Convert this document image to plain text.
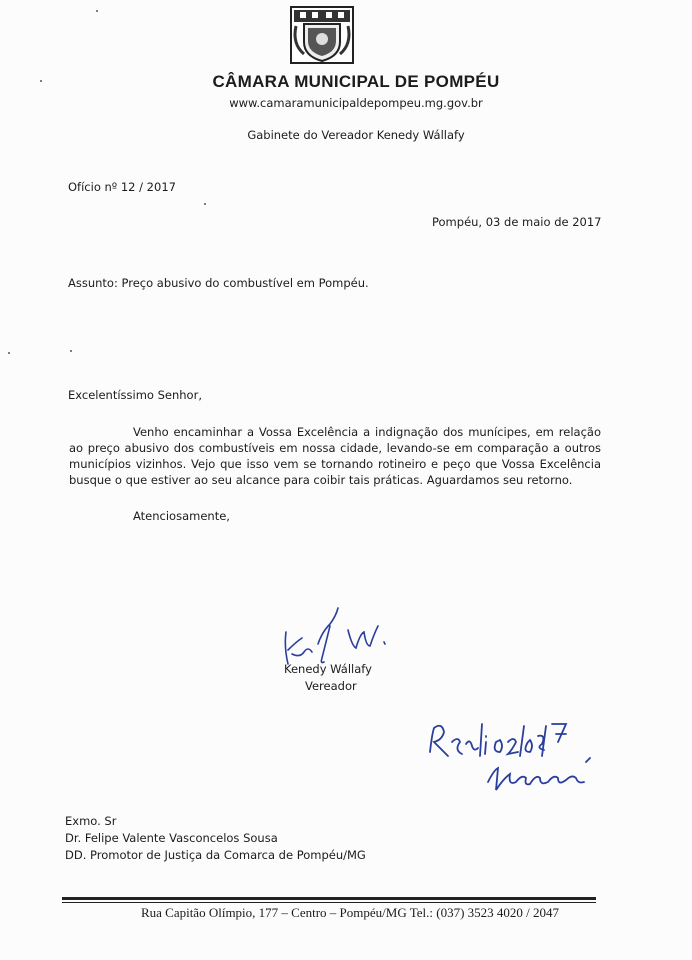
CÂMARA MUNICIPAL DE POMPÉU
www.camaramunicipaldepompeu.mg.gov.br
Gabinete do Vereador Kenedy Wállafy
Ofício nº 12 / 2017
Pompéu, 03 de maio de 2017
Assunto: Preço abusivo do combustível em Pompéu.
Excelentíssimo Senhor,
Venho encaminhar a Vossa Excelência a indignação dos munícipes, em relação ao preço abusivo dos combustíveis em nossa cidade, levando-se em comparação a outros municípios vizinhos. Vejo que isso vem se tornando rotineiro e peço que Vossa Excelência busque o que estiver ao seu alcance para coibir tais práticas. Aguardamos seu retorno.
Atenciosamente,
Kenedy Wállafy
Vereador
Exmo. Sr
Dr. Felipe Valente Vasconcelos Sousa
DD. Promotor de Justiça da Comarca de Pompéu/MG
Rua Capitão Olímpio, 177 – Centro – Pompéu/MG Tel.: (037) 3523 4020 / 2047
